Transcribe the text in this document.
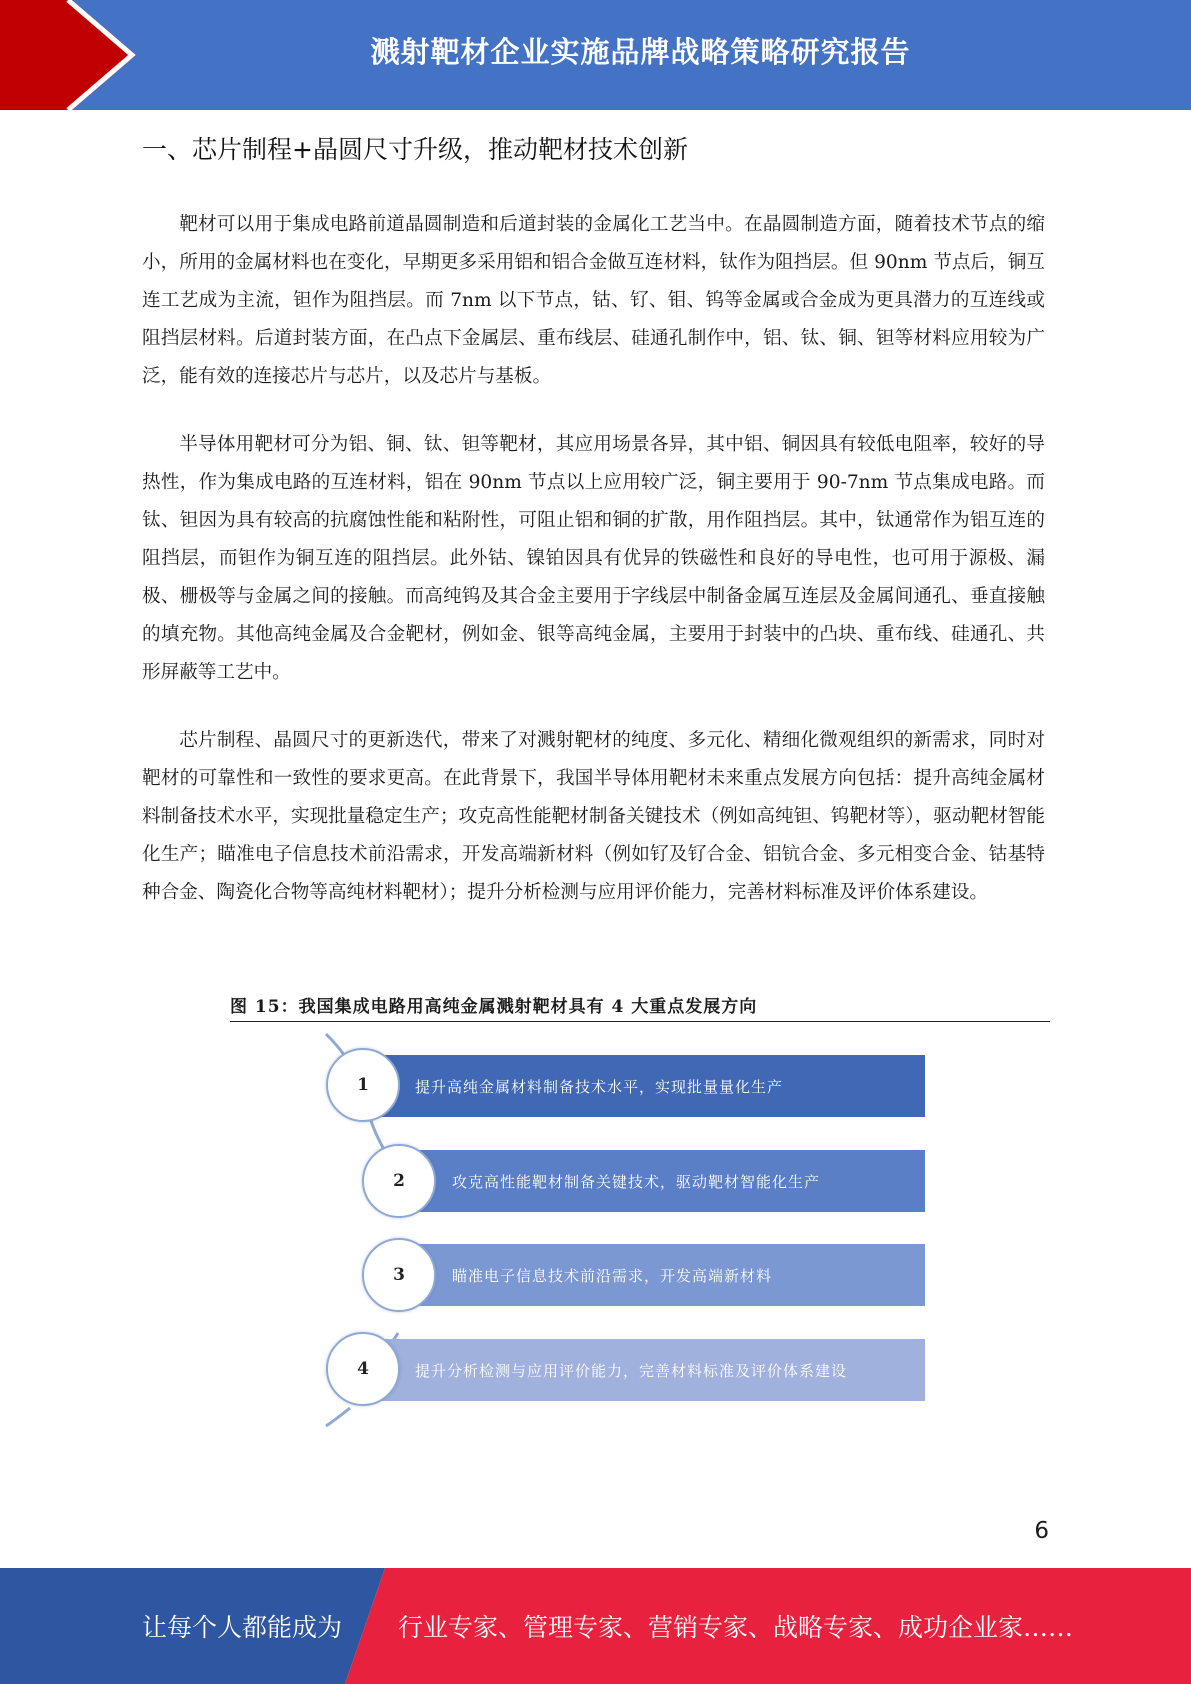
溅射靶材企业实施品牌战略策略研究报告
一、芯片制程+晶圆尺寸升级，推动靶材技术创新

靶材可以用于集成电路前道晶圆制造和后道封装的金属化工艺当中。在晶圆制造方面，随着技术节点的缩小，所用的金属材料也在变化，早期更多采用铝和铝合金做互连材料，钛作为阻挡层。但 90nm 节点后，铜互连工艺成为主流，钽作为阻挡层。而 7nm 以下节点，钴、钌、钼、钨等金属或合金成为更具潜力的互连线或阻挡层材料。后道封装方面，在凸点下金属层、重布线层、硅通孔制作中，铝、钛、铜、钽等材料应用较为广泛，能有效的连接芯片与芯片，以及芯片与基板。

半导体用靶材可分为铝、铜、钛、钽等靶材，其应用场景各异，其中铝、铜因具有较低电阻率，较好的导热性，作为集成电路的互连材料，铝在 90nm 节点以上应用较广泛，铜主要用于 90-7nm 节点集成电路。而钛、钽因为具有较高的抗腐蚀性能和粘附性，可阻止铝和铜的扩散，用作阻挡层。其中，钛通常作为铝互连的阻挡层，而钽作为铜互连的阻挡层。此外钴、镍铂因具有优异的铁磁性和良好的导电性，也可用于源极、漏极、栅极等与金属之间的接触。而高纯钨及其合金主要用于字线层中制备金属互连层及金属间通孔、垂直接触的填充物。其他高纯金属及合金靶材，例如金、银等高纯金属，主要用于封装中的凸块、重布线、硅通孔、共形屏蔽等工艺中。

芯片制程、晶圆尺寸的更新迭代，带来了对溅射靶材的纯度、多元化、精细化微观组织的新需求，同时对靶材的可靠性和一致性的要求更高。在此背景下，我国半导体用靶材未来重点发展方向包括：提升高纯金属材料制备技术水平，实现批量稳定生产；攻克高性能靶材制备关键技术（例如高纯钽、钨靶材等），驱动靶材智能化生产；瞄准电子信息技术前沿需求，开发高端新材料（例如钌及钌合金、铝钪合金、多元相变合金、钴基特种合金、陶瓷化合物等高纯材料靶材）；提升分析检测与应用评价能力，完善材料标准及评价体系建设。

图 15：我国集成电路用高纯金属溅射靶材具有 4 大重点发展方向
提升高纯金属材料制备技术水平，实现批量量化生产
1
攻克高性能靶材制备关键技术，驱动靶材智能化生产
2
瞄准电子信息技术前沿需求，开发高端新材料
3
提升分析检测与应用评价能力，完善材料标准及评价体系建设
4
6
让每个人都能成为 行业专家、管理专家、营销专家、战略专家、成功企业家……
